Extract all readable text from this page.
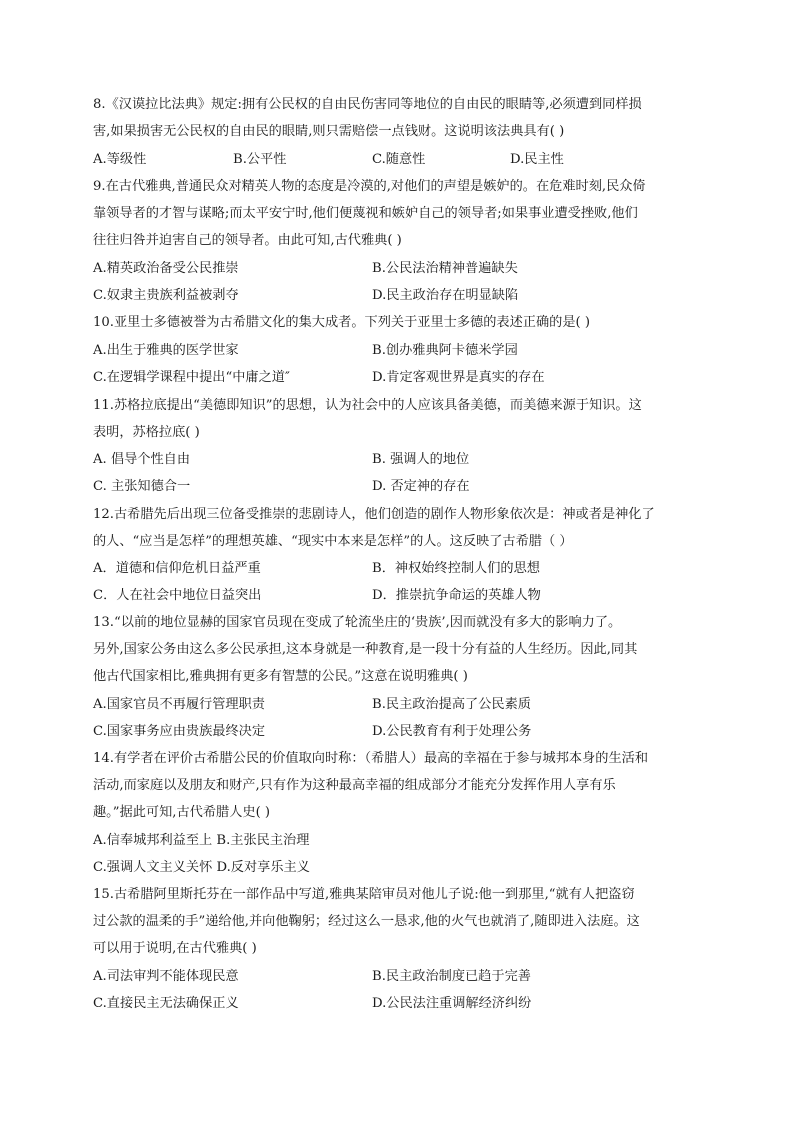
8.《汉谟拉比法典》规定:拥有公民权的自由民伤害同等地位的自由民的眼睛等,必须遭到同样损
害,如果损害无公民权的自由民的眼睛,则只需赔偿一点钱财。这说明该法典具有( )
A.等级性	B.公平性	C.随意性	D.民主性
9.在古代雅典,普通民众对精英人物的态度是冷漠的,对他们的声望是嫉妒的。在危难时刻,民众倚
靠领导者的才智与谋略;而太平安宁时,他们便蔑视和嫉妒自己的领导者;如果事业遭受挫败,他们
往往归咎并迫害自己的领导者。由此可知,古代雅典( )
A.精英政治备受公民推崇	B.公民法治精神普遍缺失
C.奴隶主贵族利益被剥夺	D.民主政治存在明显缺陷
10.亚里士多德被誉为古希腊文化的集大成者。下列关于亚里士多德的表述正确的是( )
A.出生于雅典的医学世家	B.创办雅典阿卡德米学园
C.在逻辑学课程中提出“中庸之道″	D.肯定客观世界是真实的存在
11.苏格拉底提出“美德即知识”的思想，认为社会中的人应该具备美德，而美德来源于知识。这
表明，苏格拉底( )
A. 倡导个性自由	B. 强调人的地位
C. 主张知德合一	D. 否定神的存在
12.古希腊先后出现三位备受推崇的悲剧诗人，他们创造的剧作人物形象依次是：神或者是神化了
的人、“应当是怎样”的理想英雄、“现实中本来是怎样”的人。这反映了古希腊（ ）
A．道德和信仰危机日益严重	B．神权始终控制人们的思想
C．人在社会中地位日益突出	D．推崇抗争命运的英雄人物
13.“以前的地位显赫的国家官员现在变成了轮流坐庄的‘贵族’,因而就没有多大的影响力了。
另外,国家公务由这么多公民承担,这本身就是一种教育,是一段十分有益的人生经历。因此,同其
他古代国家相比,雅典拥有更多有智慧的公民。”这意在说明雅典( )
A.国家官员不再履行管理职责	B.民主政治提高了公民素质
C.国家事务应由贵族最终决定	D.公民教育有利于处理公务
14.有学者在评价古希腊公民的价值取向时称：（希腊人）最高的幸福在于参与城邦本身的生活和
活动,而家庭以及朋友和财产,只有作为这种最高幸福的组成部分才能充分发挥作用人享有乐
趣。”据此可知,古代希腊人史( )
A.信奉城邦利益至上 B.主张民主治理
C.强调人文主义关怀 D.反对享乐主义
15.古希腊阿里斯托芬在一部作品中写道,雅典某陪审员对他儿子说:他一到那里,“就有人把盗窃
过公款的温柔的手”递给他,并向他鞠躬；经过这么一恳求,他的火气也就消了,随即进入法庭。这
可以用于说明,在古代雅典( )
A.司法审判不能体现民意	B.民主政治制度已趋于完善
C.直接民主无法确保正义	D.公民法注重调解经济纠纷
